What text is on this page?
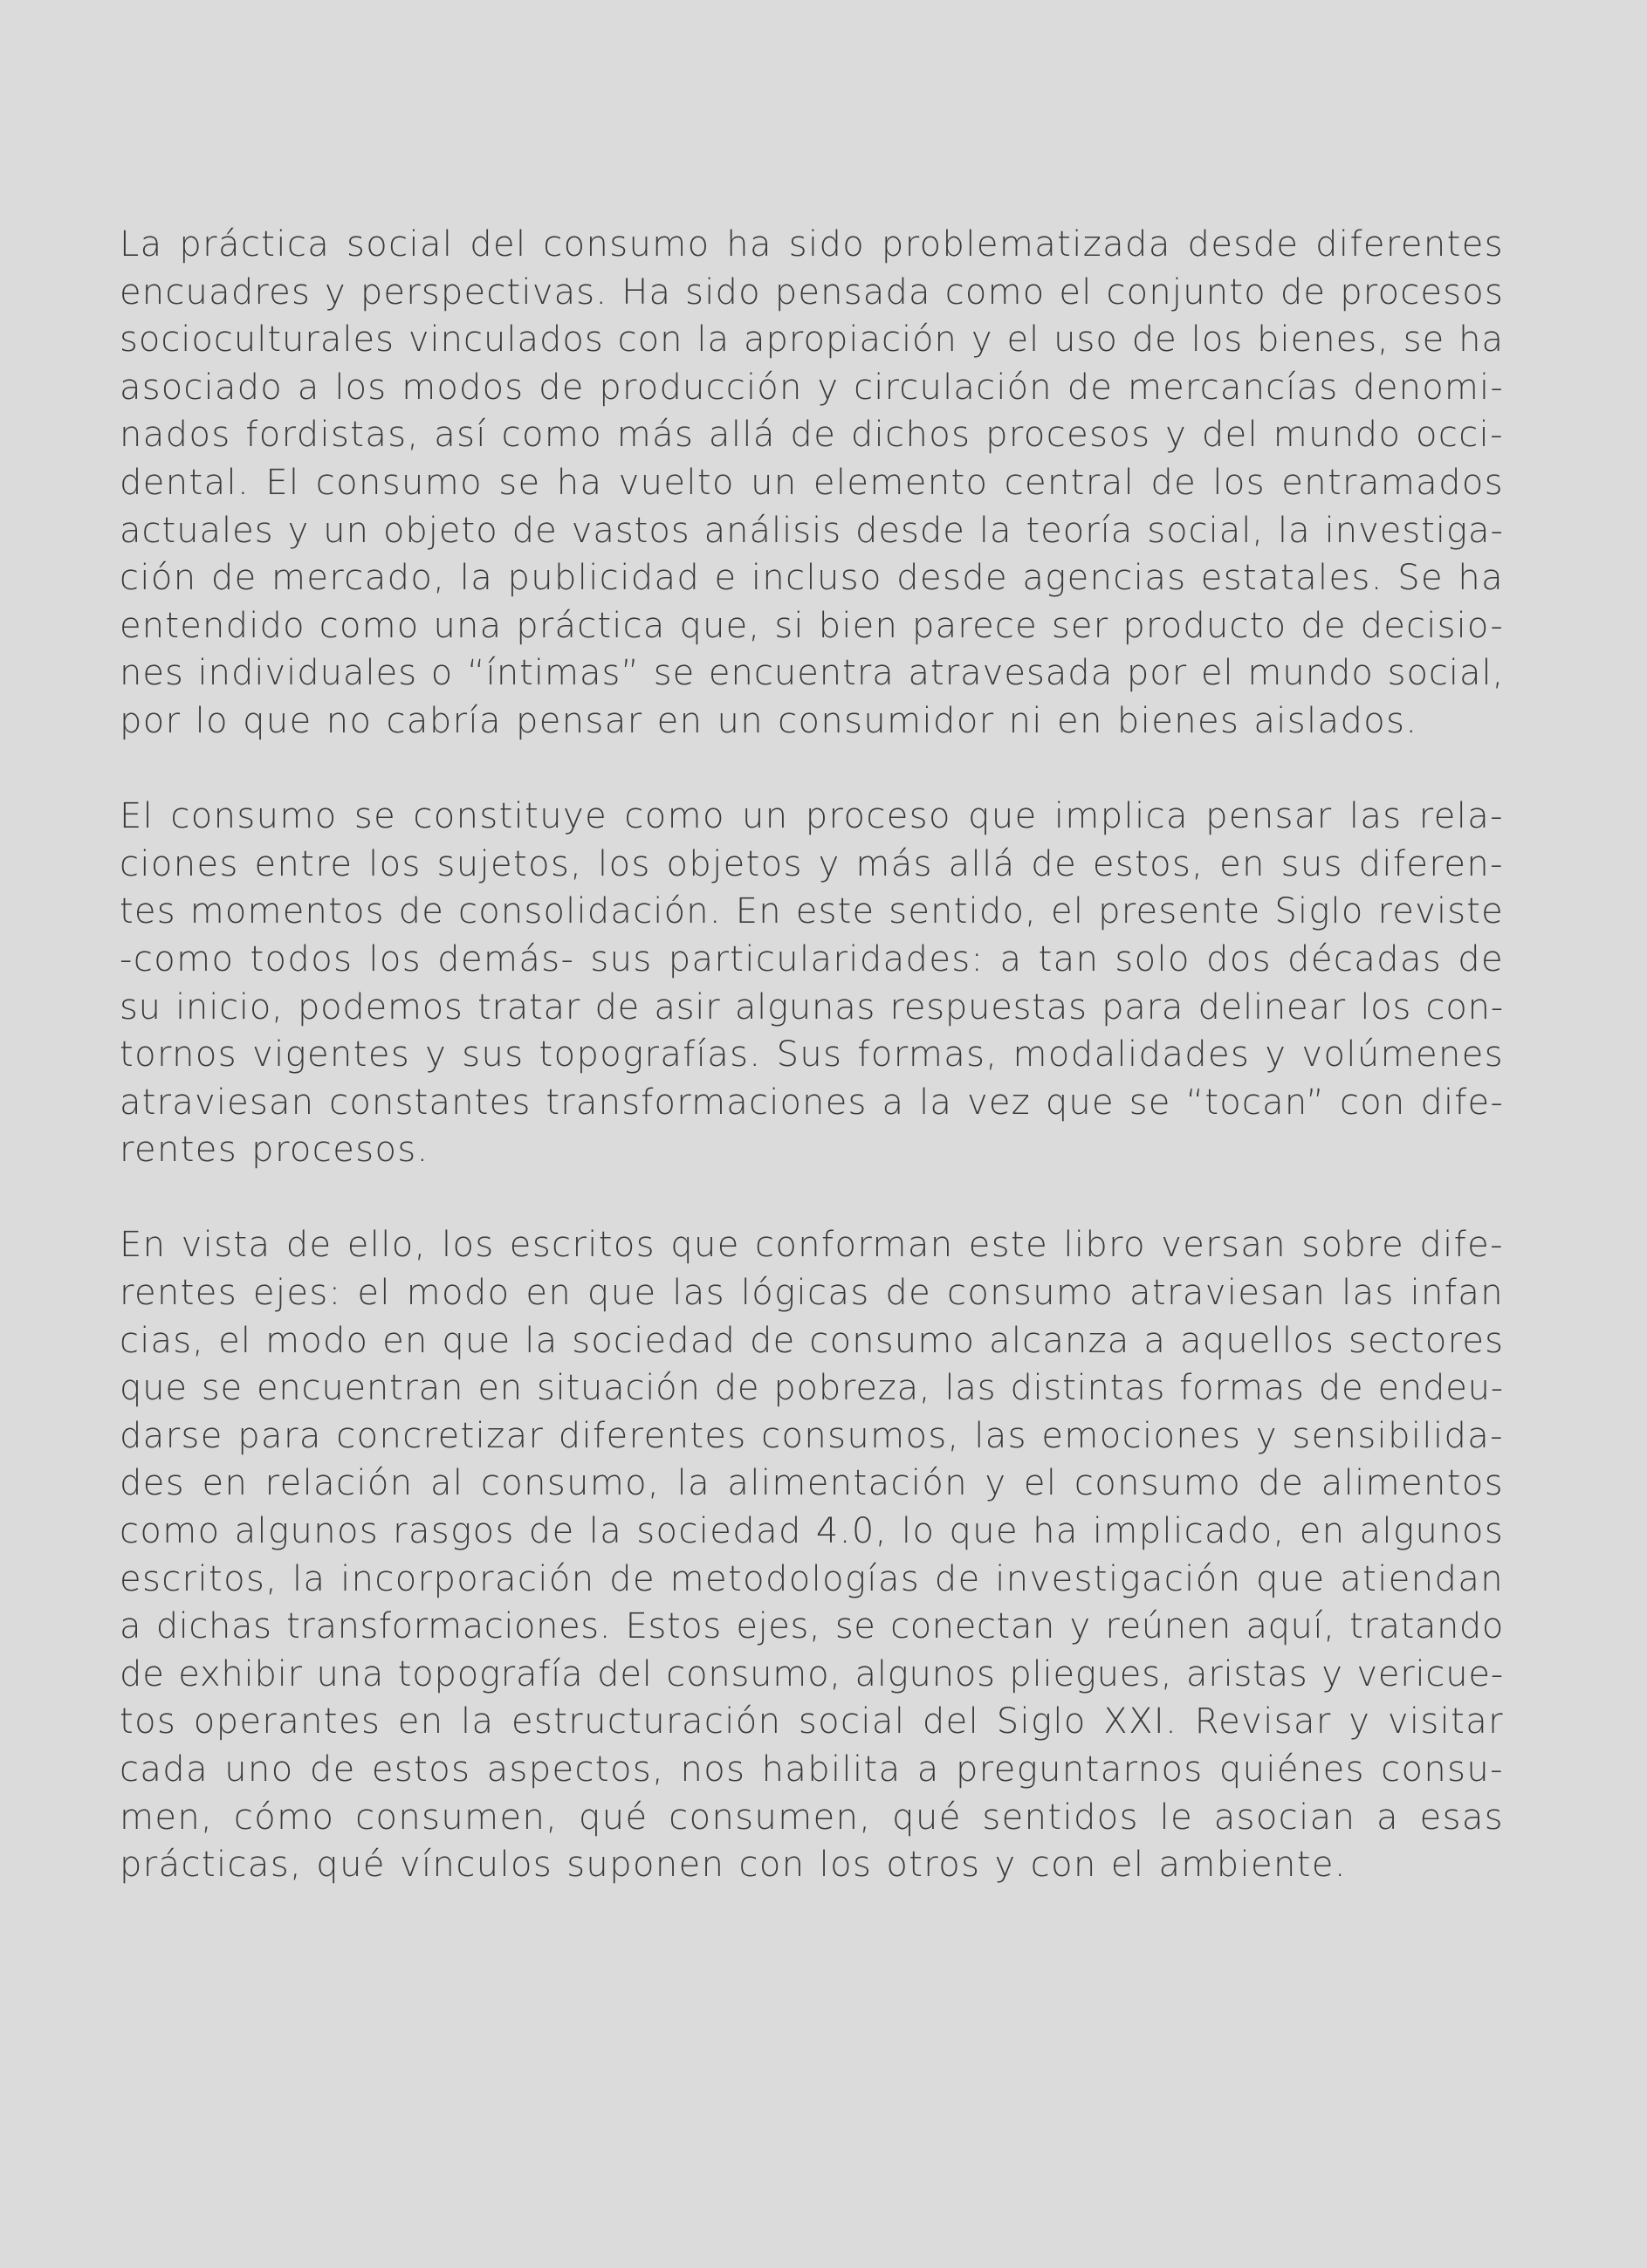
La práctica social del consumo ha sido problematizada desde diferentes
encuadres y perspectivas. Ha sido pensada como el conjunto de procesos
socioculturales vinculados con la apropiación y el uso de los bienes, se ha
asociado a los modos de producción y circulación de mercancías denomi-
nados fordistas, así como más allá de dichos procesos y del mundo occi-
dental. El consumo se ha vuelto un elemento central de los entramados
actuales y un objeto de vastos análisis desde la teoría social, la investiga-
ción de mercado, la publicidad e incluso desde agencias estatales. Se ha
entendido como una práctica que, si bien parece ser producto de decisio-
nes individuales o “íntimas” se encuentra atravesada por el mundo social,
por lo que no cabría pensar en un consumidor ni en bienes aislados.
El consumo se constituye como un proceso que implica pensar las rela-
ciones entre los sujetos, los objetos y más allá de estos, en sus diferen-
tes momentos de consolidación. En este sentido, el presente Siglo reviste
-como todos los demás- sus particularidades: a tan solo dos décadas de
su inicio, podemos tratar de asir algunas respuestas para delinear los con-
tornos vigentes y sus topografías. Sus formas, modalidades y volúmenes
atraviesan constantes transformaciones a la vez que se “tocan” con dife-
rentes procesos.
En vista de ello, los escritos que conforman este libro versan sobre dife-
rentes ejes: el modo en que las lógicas de consumo atraviesan las infan
cias, el modo en que la sociedad de consumo alcanza a aquellos sectores
que se encuentran en situación de pobreza, las distintas formas de endeu-
darse para concretizar diferentes consumos, las emociones y sensibilida-
des en relación al consumo, la alimentación y el consumo de alimentos
como algunos rasgos de la sociedad 4.0, lo que ha implicado, en algunos
escritos, la incorporación de metodologías de investigación que atiendan
a dichas transformaciones. Estos ejes, se conectan y reúnen aquí, tratando
de exhibir una topografía del consumo, algunos pliegues, aristas y vericue-
tos operantes en la estructuración social del Siglo XXI. Revisar y visitar
cada uno de estos aspectos, nos habilita a preguntarnos quiénes consu-
men, cómo consumen, qué consumen, qué sentidos le asocian a esas
prácticas, qué vínculos suponen con los otros y con el ambiente.
